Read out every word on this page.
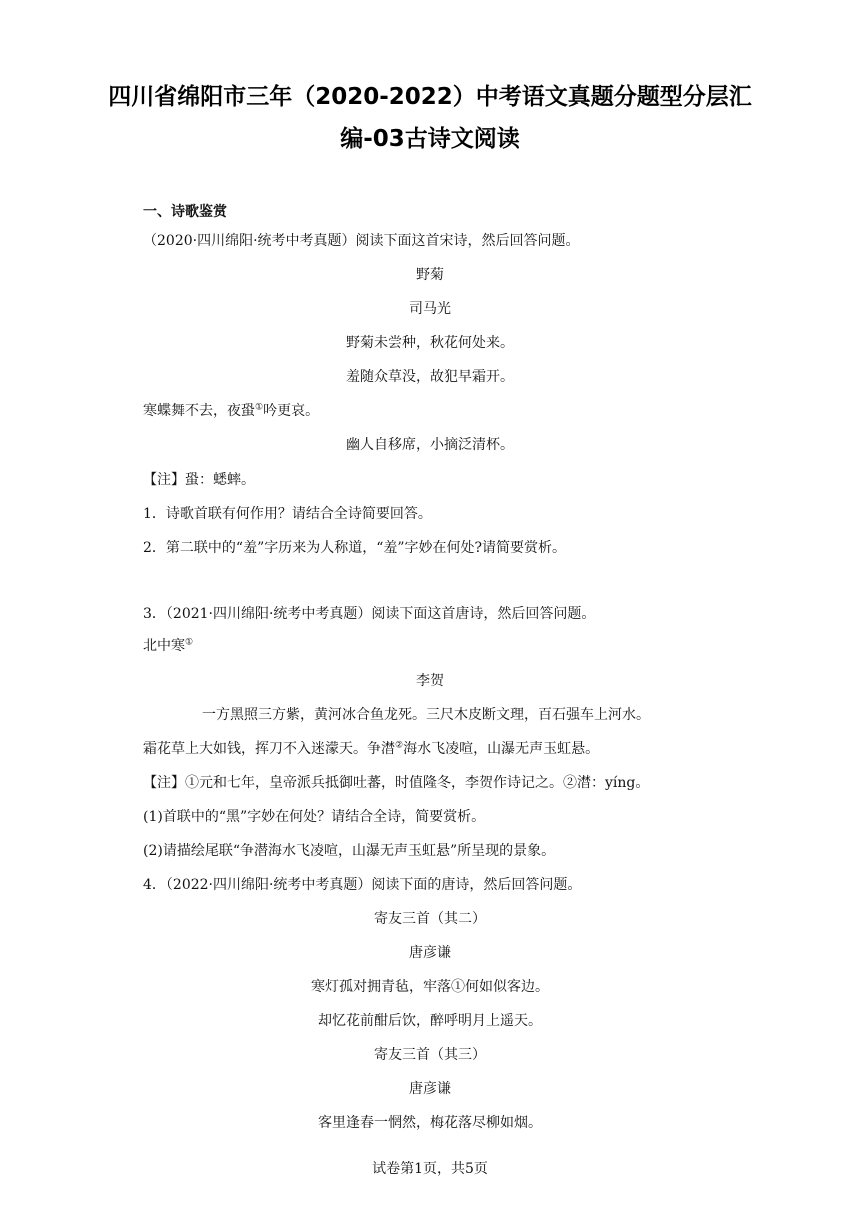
四川省绵阳市三年（2020-2022）中考语文真题分题型分层汇
编-03古诗文阅读
一、诗歌鉴赏
（2020·四川绵阳·统考中考真题）阅读下面这首宋诗，然后回答问题。
野菊
司马光
野菊未尝种，秋花何处来。
羞随众草没，故犯早霜开。
寒蝶舞不去，夜蛩①吟更哀。
幽人自移席，小摘泛清杯。
【注】蛩：蟋蟀。
1．诗歌首联有何作用？请结合全诗简要回答。
2．第二联中的“羞”字历来为人称道，“羞”字妙在何处?请简要赏析。
3．（2021·四川绵阳·统考中考真题）阅读下面这首唐诗，然后回答问题。
北中寒①
李贺
一方黑照三方紫，黄河冰合鱼龙死。三尺木皮断文理，百石强车上河水。
霜花草上大如钱，挥刀不入迷濛天。争澘②海水飞凌喧，山瀑无声玉虹悬。
【注】①元和七年，皇帝派兵抵御吐蕃，时值隆冬，李贺作诗记之。②澘：yíng。
(1)首联中的“黑”字妙在何处？请结合全诗，简要赏析。
(2)请描绘尾联“争潜海水飞凌喧，山瀑无声玉虹悬”所呈现的景象。
4．（2022·四川绵阳·统考中考真题）阅读下面的唐诗，然后回答问题。
寄友三首（其二）
唐彦谦
寒灯孤对拥青毡，牢落①何如似客边。
却忆花前酣后饮，醉呼明月上遥天。
寄友三首（其三）
唐彦谦
客里逢春一惘然，梅花落尽柳如烟。
试卷第1页，共5页
